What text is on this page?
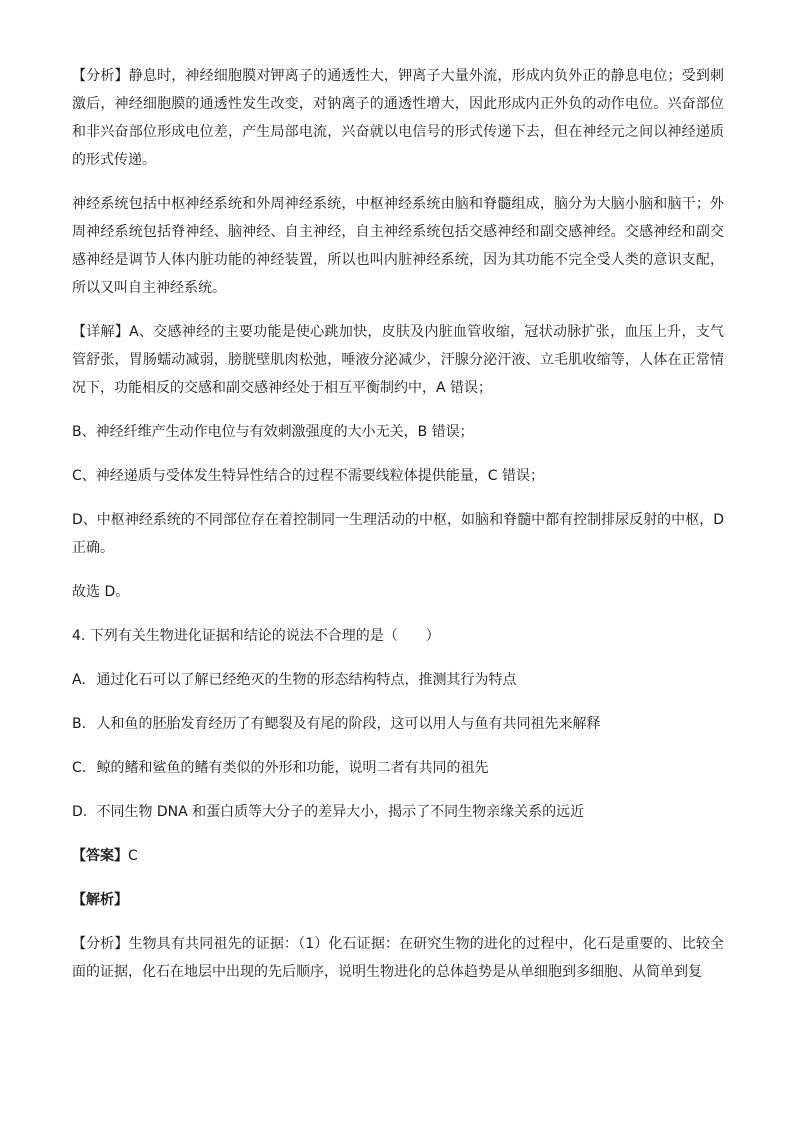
【分析】静息时，神经细胞膜对钾离子的通透性大，钾离子大量外流，形成内负外正的静息电位；受到刺激后，神经细胞膜的通透性发生改变，对钠离子的通透性增大，因此形成内正外负的动作电位。兴奋部位和非兴奋部位形成电位差，产生局部电流，兴奋就以电信号的形式传递下去，但在神经元之间以神经递质的形式传递。

神经系统包括中枢神经系统和外周神经系统，中枢神经系统由脑和脊髓组成，脑分为大脑小脑和脑干；外周神经系统包括脊神经、脑神经、自主神经，自主神经系统包括交感神经和副交感神经。交感神经和副交感神经是调节人体内脏功能的神经装置，所以也叫内脏神经系统，因为其功能不完全受人类的意识支配，所以又叫自主神经系统。

【详解】A、交感神经的主要功能是使心跳加快，皮肤及内脏血管收缩，冠状动脉扩张，血压上升，支气管舒张，胃肠蠕动减弱，膀胱壁肌肉松弛，唾液分泌减少，汗腺分泌汗液、立毛肌收缩等，人体在正常情况下，功能相反的交感和副交感神经处于相互平衡制约中，A 错误；

B、神经纤维产生动作电位与有效刺激强度的大小无关，B 错误；

C、神经递质与受体发生特异性结合的过程不需要线粒体提供能量，C 错误；

D、中枢神经系统的不同部位存在着控制同一生理活动的中枢，如脑和脊髓中都有控制排尿反射的中枢，D 正确。

故选 D。

4. 下列有关生物进化证据和结论的说法不合理的是（　　）

A. 通过化石可以了解已经绝灭的生物的形态结构特点，推测其行为特点

B. 人和鱼的胚胎发育经历了有鳃裂及有尾的阶段，这可以用人与鱼有共同祖先来解释

C. 鲸的鳍和鲨鱼的鳍有类似的外形和功能，说明二者有共同的祖先

D. 不同生物 DNA 和蛋白质等大分子的差异大小，揭示了不同生物亲缘关系的远近

【答案】C

【解析】

【分析】生物具有共同祖先的证据：（1）化石证据：在研究生物的进化的过程中，化石是重要的、比较全面的证据，化石在地层中出现的先后顺序，说明生物进化的总体趋势是从单细胞到多细胞、从简单到复
